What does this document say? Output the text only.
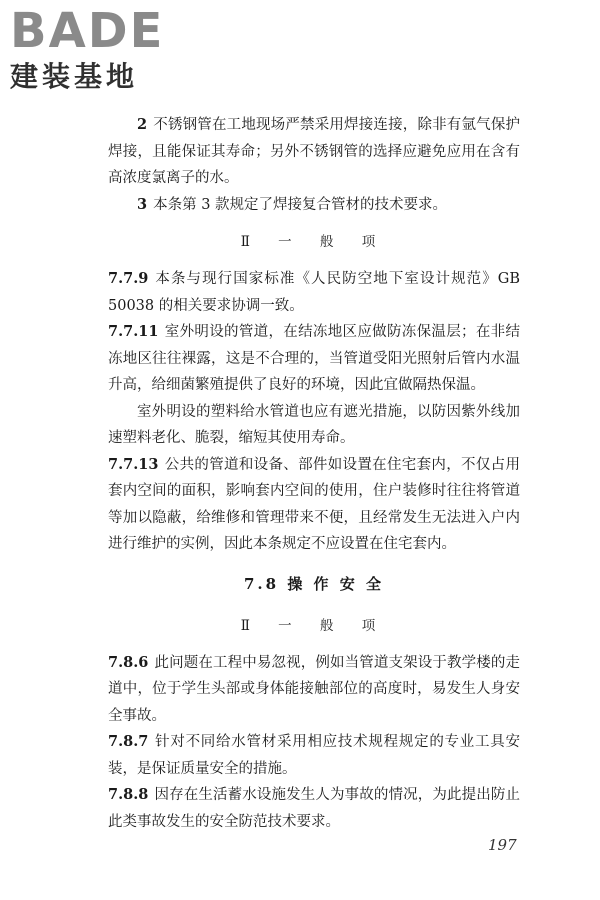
BADE
建装基地

2 不锈钢管在工地现场严禁采用焊接连接，除非有氩气保护焊接，且能保证其寿命；另外不锈钢管的选择应避免应用在含有高浓度氯离子的水。

3 本条第 3 款规定了焊接复合管材的技术要求。

Ⅱ 一 般 项

7.7.9 本条与现行国家标准《人民防空地下室设计规范》GB 50038 的相关要求协调一致。

7.7.11 室外明设的管道，在结冻地区应做防冻保温层；在非结冻地区往往裸露，这是不合理的，当管道受阳光照射后管内水温升高，给细菌繁殖提供了良好的环境，因此宜做隔热保温。

室外明设的塑料给水管道也应有遮光措施，以防因紫外线加速塑料老化、脆裂，缩短其使用寿命。

7.7.13 公共的管道和设备、部件如设置在住宅套内，不仅占用套内空间的面积，影响套内空间的使用，住户装修时往往将管道等加以隐蔽，给维修和管理带来不便，且经常发生无法进入户内进行维护的实例，因此本条规定不应设置在住宅套内。

7.8 操 作 安 全
Ⅱ 一 般 项

7.8.6 此问题在工程中易忽视，例如当管道支架设于教学楼的走道中，位于学生头部或身体能接触部位的高度时，易发生人身安全事故。

7.8.7 针对不同给水管材采用相应技术规程规定的专业工具安装，是保证质量安全的措施。

7.8.8 因存在生活蓄水设施发生人为事故的情况，为此提出防止此类事故发生的安全防范技术要求。

197
